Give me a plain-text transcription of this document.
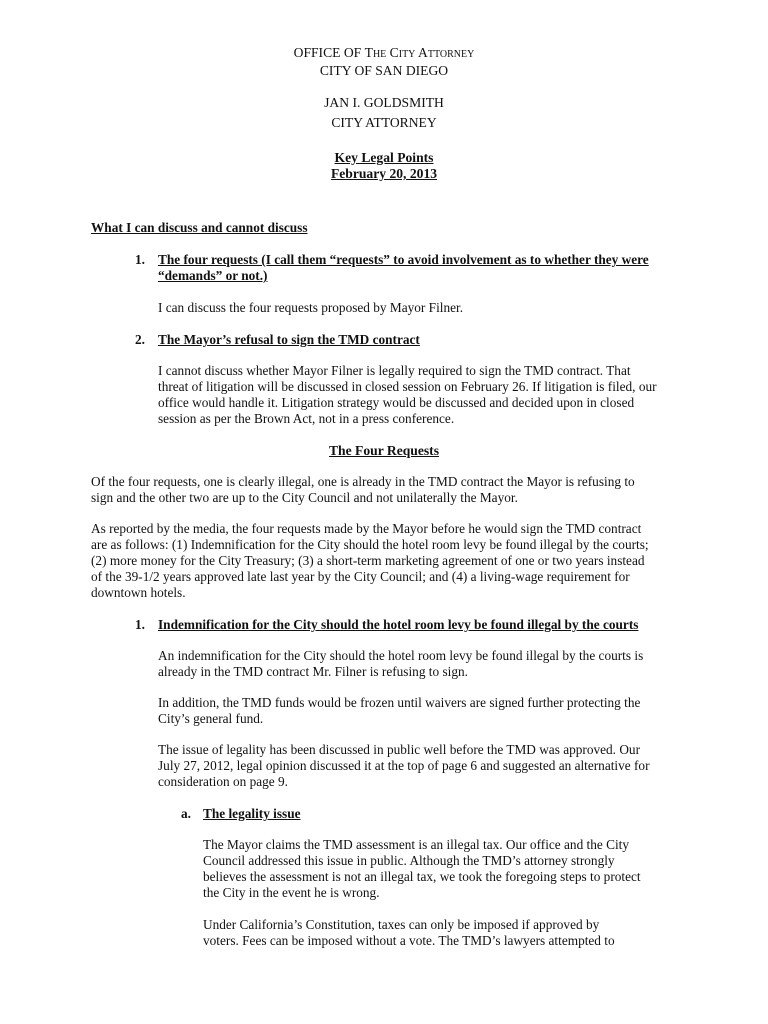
OFFICE OF The City Attorney
CITY OF SAN DIEGO
JAN I. GOLDSMITH
CITY ATTORNEY
Key Legal Points
February 20, 2013
What I can discuss and cannot discuss
1. The four requests (I call them “requests” to avoid involvement as to whether they were
“demands” or not.)

I can discuss the four requests proposed by Mayor Filner.

2. The Mayor’s refusal to sign the TMD contract
I cannot discuss whether Mayor Filner is legally required to sign the TMD contract. That
threat of litigation will be discussed in closed session on February 26. If litigation is filed, our
office would handle it. Litigation strategy would be discussed and decided upon in closed
session as per the Brown Act, not in a press conference.
The Four Requests
Of the four requests, one is clearly illegal, one is already in the TMD contract the Mayor is refusing to
sign and the other two are up to the City Council and not unilaterally the Mayor.
As reported by the media, the four requests made by the Mayor before he would sign the TMD contract
are as follows: (1) Indemnification for the City should the hotel room levy be found illegal by the courts;
(2) more money for the City Treasury; (3) a short-term marketing agreement of one or two years instead
of the 39-1/2 years approved late last year by the City Council; and (4) a living-wage requirement for
downtown hotels.
1. Indemnification for the City should the hotel room levy be found illegal by the courts
An indemnification for the City should the hotel room levy be found illegal by the courts is
already in the TMD contract Mr. Filner is refusing to sign.
In addition, the TMD funds would be frozen until waivers are signed further protecting the
City’s general fund.
The issue of legality has been discussed in public well before the TMD was approved. Our
July 27, 2012, legal opinion discussed it at the top of page 6 and suggested an alternative for
consideration on page 9.
a. The legality issue
The Mayor claims the TMD assessment is an illegal tax. Our office and the City
Council addressed this issue in public. Although the TMD’s attorney strongly
believes the assessment is not an illegal tax, we took the foregoing steps to protect
the City in the event he is wrong.
Under California’s Constitution, taxes can only be imposed if approved by
voters. Fees can be imposed without a vote. The TMD’s lawyers attempted to
